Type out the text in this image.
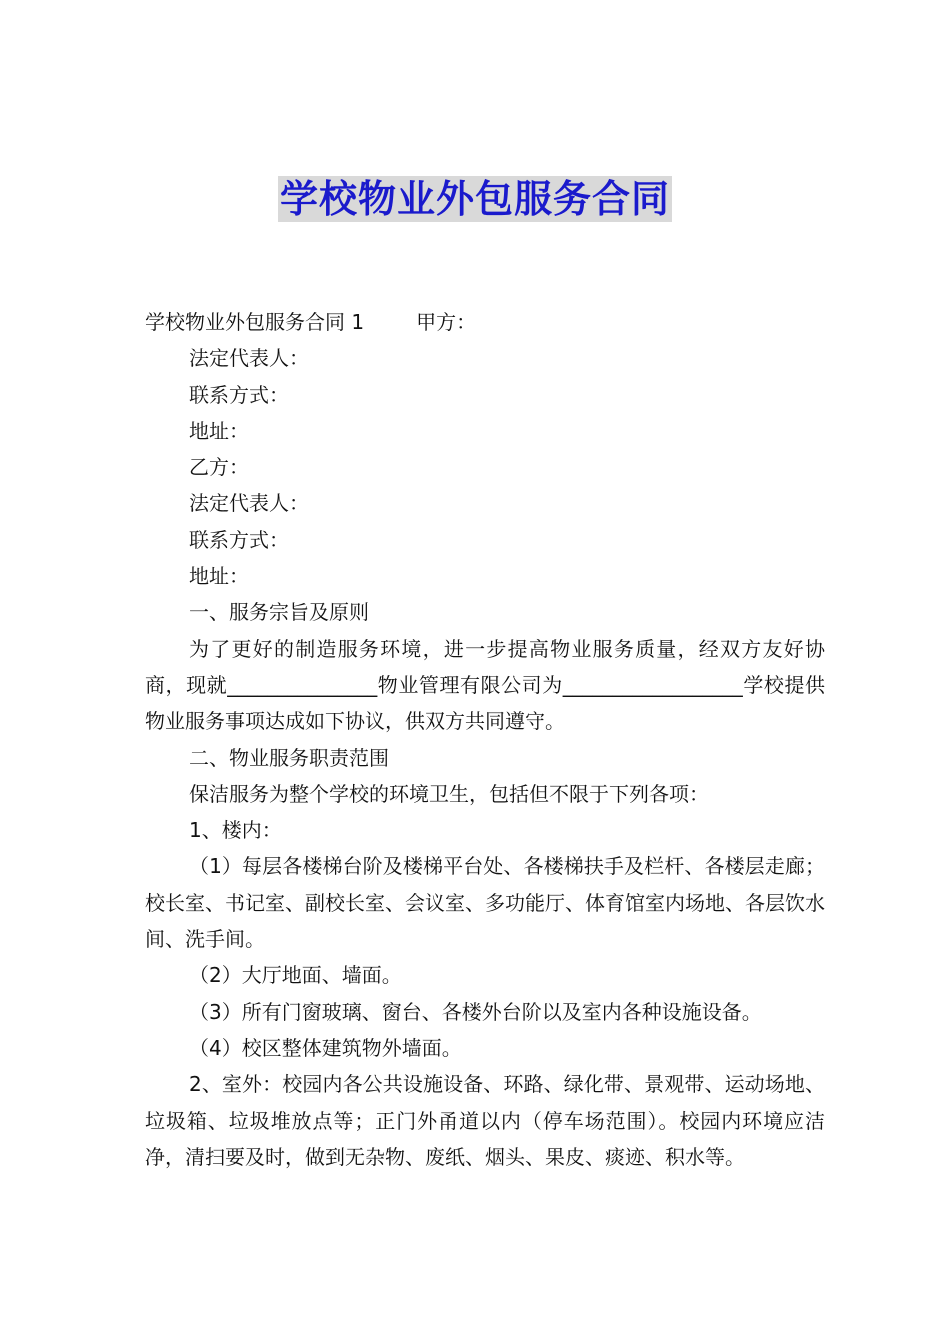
学校物业外包服务合同

学校物业外包服务合同 1	甲方：

法定代表人：

联系方式：

地址：

乙方：

法定代表人：

联系方式：

地址：

一、服务宗旨及原则

为了更好的制造服务环境，进一步提高物业服务质量，经双方友好协商，现就_______________物业管理有限公司为__________________学校提供物业服务事项达成如下协议，供双方共同遵守。

二、物业服务职责范围

保洁服务为整个学校的环境卫生，包括但不限于下列各项：

1、楼内：

（1）每层各楼梯台阶及楼梯平台处、各楼梯扶手及栏杆、各楼层走廊；校长室、书记室、副校长室、会议室、多功能厅、体育馆室内场地、各层饮水间、洗手间。

（2）大厅地面、墙面。

（3）所有门窗玻璃、窗台、各楼外台阶以及室内各种设施设备。

（4）校区整体建筑物外墙面。

2、室外：校园内各公共设施设备、环路、绿化带、景观带、运动场地、垃圾箱、垃圾堆放点等；正门外甬道以内（停车场范围）。校园内环境应洁净，清扫要及时，做到无杂物、废纸、烟头、果皮、痰迹、积水等。
